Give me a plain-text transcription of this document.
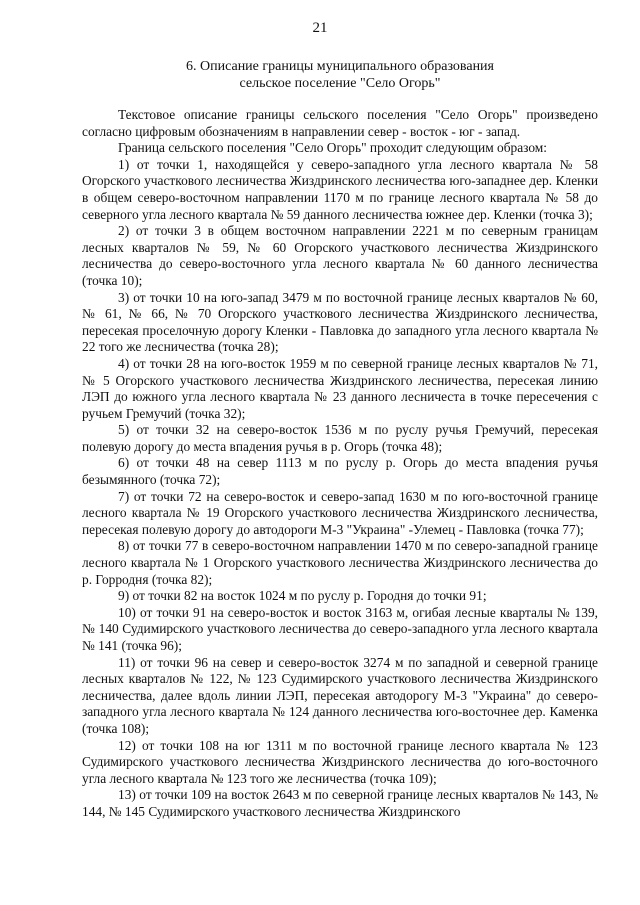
21
6. Описание границы муниципального образования
сельское поселение "Село Огорь"

Текстовое описание границы сельского поселения "Село Огорь" произведено согласно цифровым обозначениям в направлении север - восток - юг - запад.

Граница сельского поселения "Село Огорь" проходит следующим образом:

1) от точки 1, находящейся у северо-западного угла лесного квартала № 58 Огорского участкового лесничества Жиздринского лесничества юго-западнее дер. Кленки в общем северо-восточном направлении 1170 м по границе лесного квартала № 58 до северного угла лесного квартала № 59 данного лесничества южнее дер. Кленки (точка 3);

2) от точки 3 в общем восточном направлении 2221 м по северным границам лесных кварталов № 59, № 60 Огорского участкового лесничества Жиздринского лесничества до северо-восточного угла лесного квартала № 60 данного лесничества (точка 10);

3) от точки 10 на юго-запад 3479 м по восточной границе лесных кварталов № 60, № 61, № 66, № 70 Огорского участкового лесничества Жиздринского лесничества, пересекая проселочную дорогу Кленки - Павловка до западного угла лесного квартала № 22 того же лесничества (точка 28);

4) от точки 28 на юго-восток 1959 м по северной границе лесных кварталов № 71, № 5 Огорского участкового лесничества Жиздринского лесничества, пересекая линию ЛЭП до южного угла лесного квартала № 23 данного лесничеста в точке пересечения с ручьем Гремучий (точка 32);

5) от точки 32 на северо-восток 1536 м по руслу ручья Гремучий, пересекая полевую дорогу до места впадения ручья в р. Огорь (точка 48);

6) от точки 48 на север 1113 м по руслу р. Огорь до места впадения ручья безымянного (точка 72);

7) от точки 72 на северо-восток и северо-запад 1630 м по юго-восточной границе лесного квартала № 19 Огорского участкового лесничества Жиздринского лесничества, пересекая полевую дорогу до автодороги М-3 "Украина" -Улемец - Павловка (точка 77);

8) от точки 77 в северо-восточном направлении 1470 м по северо-западной границе лесного квартала № 1 Огорского участкового лесничества Жиздринского лесничества до р. Горродня (точка 82);

9) от точки 82 на восток 1024 м по руслу р. Городня до точки 91;

10) от точки 91 на северо-восток и восток 3163 м, огибая лесные кварталы № 139, № 140 Судимирского участкового лесничества до северо-западного угла лесного квартала № 141 (точка 96);

11) от точки 96 на север и северо-восток 3274 м по западной и северной границе лесных кварталов № 122, № 123 Судимирского участкового лесничества Жиздринского лесничества, далее вдоль линии ЛЭП, пересекая автодорогу М-3 "Украина" до северо-западного угла лесного квартала № 124 данного лесничества юго-восточнее дер. Каменка (точка 108);

12) от точки 108 на юг 1311 м по восточной границе лесного квартала № 123 Судимирского участкового лесничества Жиздринского лесничества до юго-восточного угла лесного квартала № 123 того же лесничества (точка 109);

13) от точки 109 на восток 2643 м по северной границе лесных кварталов № 143, № 144, № 145 Судимирского участкового лесничества Жиздринского
